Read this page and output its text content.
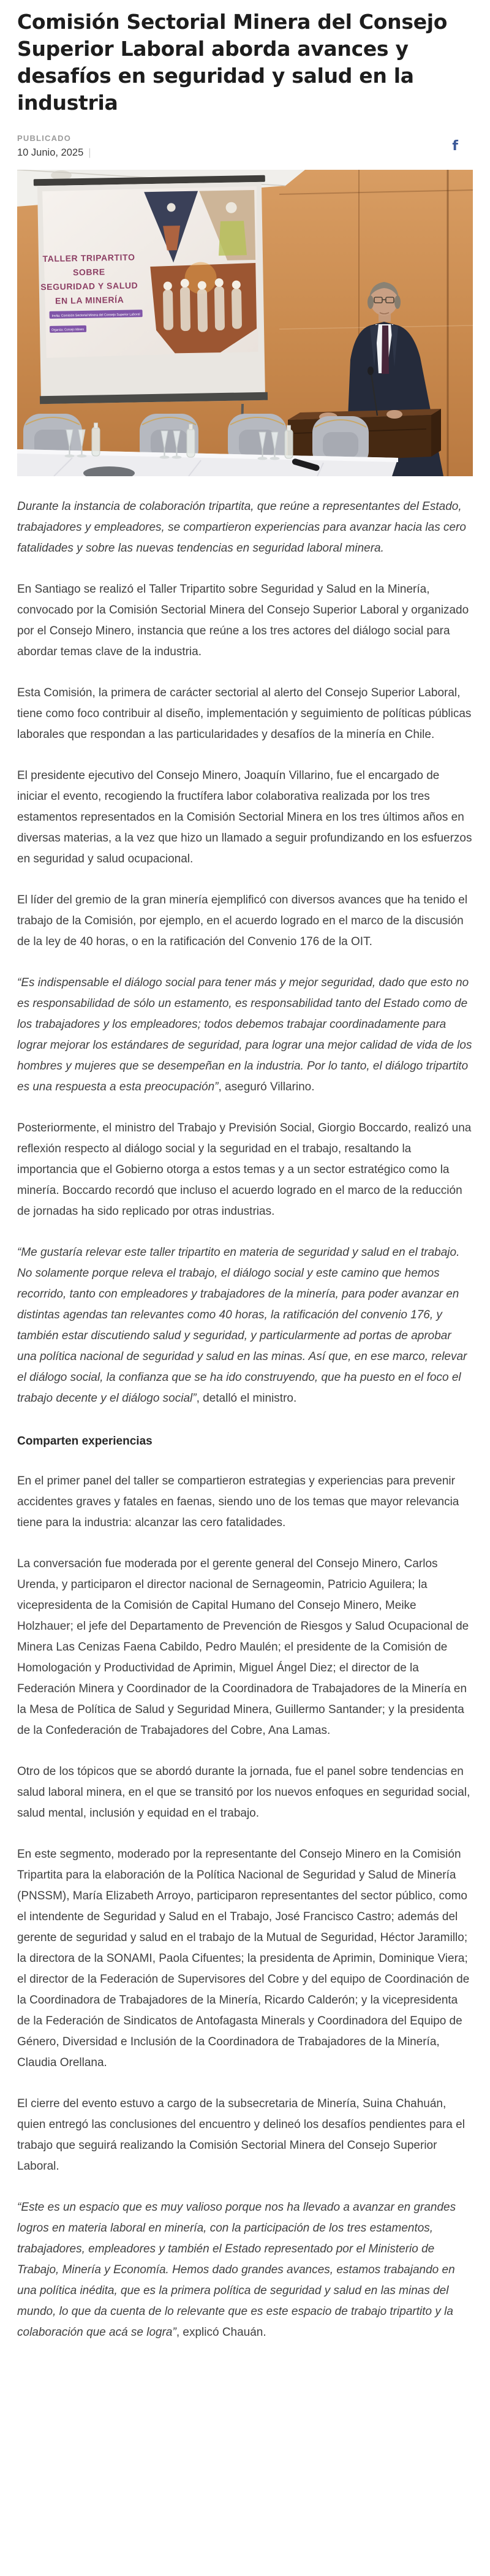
Comisión Sectorial Minera del Consejo Superior Laboral aborda avances y desafíos en seguridad y salud en la industria
PUBLICADO
10 Junio, 2025 |	f
TALLER TRIPARTITO
SOBRE
SEGURIDAD Y SALUD
EN LA MINERÍA
Invita: Comisión Sectorial Minera del Consejo Superior Laboral
Organiza: Consejo Minero

Durante la instancia de colaboración tripartita, que reúne a representantes del Estado, trabajadores y empleadores, se compartieron experiencias para avanzar hacia las cero fatalidades y sobre las nuevas tendencias en seguridad laboral minera.

En Santiago se realizó el Taller Tripartito sobre Seguridad y Salud en la Minería, convocado por la Comisión Sectorial Minera del Consejo Superior Laboral y organizado por el Consejo Minero, instancia que reúne a los tres actores del diálogo social para abordar temas clave de la industria.

Esta Comisión, la primera de carácter sectorial al alerto del Consejo Superior Laboral, tiene como foco contribuir al diseño, implementación y seguimiento de políticas públicas laborales que respondan a las particularidades y desafíos de la minería en Chile.

El presidente ejecutivo del Consejo Minero, Joaquín Villarino, fue el encargado de iniciar el evento, recogiendo la fructífera labor colaborativa realizada por los tres estamentos representados en la Comisión Sectorial Minera en los tres últimos años en diversas materias, a la vez que hizo un llamado a seguir profundizando en los esfuerzos en seguridad y salud ocupacional.

El líder del gremio de la gran minería ejemplificó con diversos avances que ha tenido el trabajo de la Comisión, por ejemplo, en el acuerdo logrado en el marco de la discusión de la ley de 40 horas, o en la ratificación del Convenio 176 de la OIT.

“Es indispensable el diálogo social para tener más y mejor seguridad, dado que esto no es responsabilidad de sólo un estamento, es responsabilidad tanto del Estado como de los trabajadores y los empleadores; todos debemos trabajar coordinadamente para lograr mejorar los estándares de seguridad, para lograr una mejor calidad de vida de los hombres y mujeres que se desempeñan en la industria. Por lo tanto, el diálogo tripartito es una respuesta a esta preocupación”, aseguró Villarino.

Posteriormente, el ministro del Trabajo y Previsión Social, Giorgio Boccardo, realizó una reflexión respecto al diálogo social y la seguridad en el trabajo, resaltando la importancia que el Gobierno otorga a estos temas y a un sector estratégico como la minería. Boccardo recordó que incluso el acuerdo logrado en el marco de la reducción de jornadas ha sido replicado por otras industrias.

“Me gustaría relevar este taller tripartito en materia de seguridad y salud en el trabajo. No solamente porque releva el trabajo, el diálogo social y este camino que hemos recorrido, tanto con empleadores y trabajadores de la minería, para poder avanzar en distintas agendas tan relevantes como 40 horas, la ratificación del convenio 176, y también estar discutiendo salud y seguridad, y particularmente ad portas de aprobar una política nacional de seguridad y salud en las minas. Así que, en ese marco, relevar el diálogo social, la confianza que se ha ido construyendo, que ha puesto en el foco el trabajo decente y el diálogo social”, detalló el ministro.

Comparten experiencias

En el primer panel del taller se compartieron estrategias y experiencias para prevenir accidentes graves y fatales en faenas, siendo uno de los temas que mayor relevancia tiene para la industria: alcanzar las cero fatalidades.

La conversación fue moderada por el gerente general del Consejo Minero, Carlos Urenda, y participaron el director nacional de Sernageomin, Patricio Aguilera; la vicepresidenta de la Comisión de Capital Humano del Consejo Minero, Meike Holzhauer; el jefe del Departamento de Prevención de Riesgos y Salud Ocupacional de Minera Las Cenizas Faena Cabildo, Pedro Maulén; el presidente de la Comisión de Homologación y Productividad de Aprimin, Miguel Ángel Diez; el director de la Federación Minera y Coordinador de la Coordinadora de Trabajadores de la Minería en la Mesa de Política de Salud y Seguridad Minera, Guillermo Santander; y la presidenta de la Confederación de Trabajadores del Cobre, Ana Lamas.

Otro de los tópicos que se abordó durante la jornada, fue el panel sobre tendencias en salud laboral minera, en el que se transitó por los nuevos enfoques en seguridad social, salud mental, inclusión y equidad en el trabajo.

En este segmento, moderado por la representante del Consejo Minero en la Comisión Tripartita para la elaboración de la Política Nacional de Seguridad y Salud de Minería (PNSSM), María Elizabeth Arroyo, participaron representantes del sector público, como el intendente de Seguridad y Salud en el Trabajo, José Francisco Castro; además del gerente de seguridad y salud en el trabajo de la Mutual de Seguridad, Héctor Jaramillo; la directora de la SONAMI, Paola Cifuentes; la presidenta de Aprimin, Dominique Viera; el director de la Federación de Supervisores del Cobre y del equipo de Coordinación de la Coordinadora de Trabajadores de la Minería, Ricardo Calderón; y la vicepresidenta de la Federación de Sindicatos de Antofagasta Minerals y Coordinadora del Equipo de Género, Diversidad e Inclusión de la Coordinadora de Trabajadores de la Minería, Claudia Orellana.

El cierre del evento estuvo a cargo de la subsecretaria de Minería, Suina Chahuán, quien entregó las conclusiones del encuentro y delineó los desafíos pendientes para el trabajo que seguirá realizando la Comisión Sectorial Minera del Consejo Superior Laboral.

“Este es un espacio que es muy valioso porque nos ha llevado a avanzar en grandes logros en materia laboral en minería, con la participación de los tres estamentos, trabajadores, empleadores y también el Estado representado por el Ministerio de Trabajo, Minería y Economía. Hemos dado grandes avances, estamos trabajando en una política inédita, que es la primera política de seguridad y salud en las minas del mundo, lo que da cuenta de lo relevante que es este espacio de trabajo tripartito y la colaboración que acá se logra”, explicó Chauán.
